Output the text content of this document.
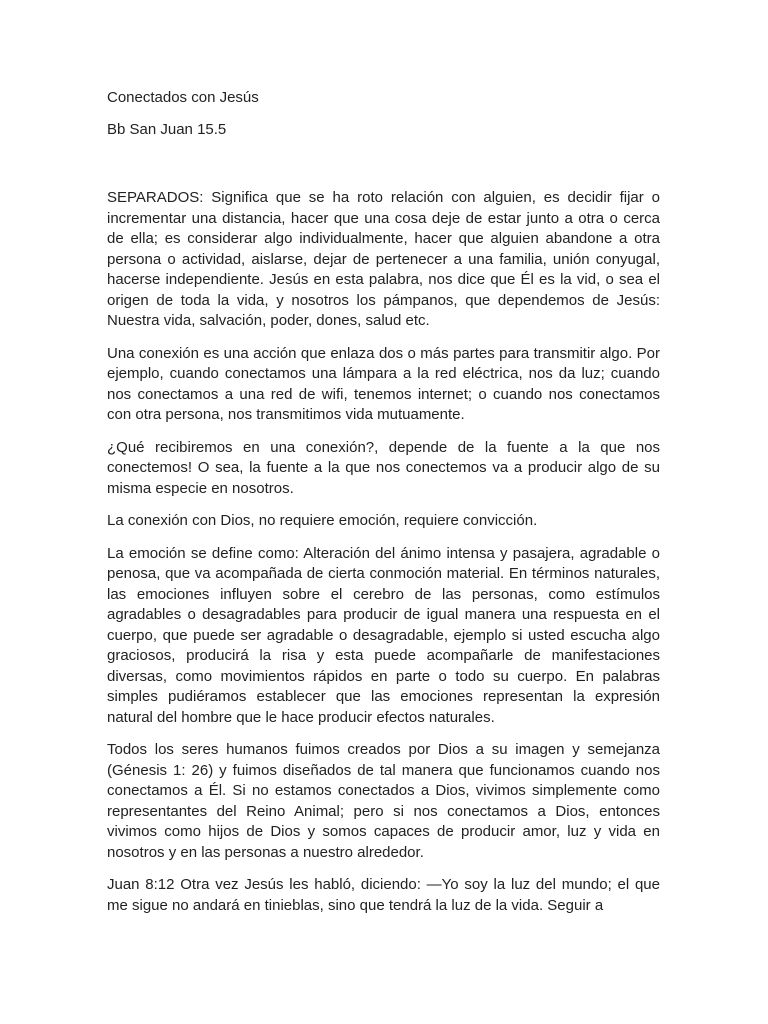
Conectados con Jesús
Bb San Juan 15.5

SEPARADOS: Significa que se ha roto relación con alguien, es decidir fijar o incrementar una distancia, hacer que una cosa deje de estar junto a otra o cerca de ella; es considerar algo individualmente, hacer que alguien abandone a otra persona o actividad, aislarse, dejar de pertenecer a una familia, unión conyugal, hacerse independiente. Jesús en esta palabra, nos dice que Él es la vid, o sea el origen de toda la vida, y nosotros los pámpanos, que dependemos de Jesús: Nuestra vida, salvación, poder, dones, salud etc.

Una conexión es una acción que enlaza dos o más partes para transmitir algo. Por ejemplo, cuando conectamos una lámpara a la red eléctrica, nos da luz; cuando nos conectamos a una red de wifi, tenemos internet; o cuando nos conectamos con otra persona, nos transmitimos vida mutuamente.

¿Qué recibiremos en una conexión?, depende de la fuente a la que nos conectemos! O sea, la fuente a la que nos conectemos va a producir algo de su misma especie en nosotros.

La conexión con Dios, no requiere emoción, requiere convicción.

La emoción se define como: Alteración del ánimo intensa y pasajera, agradable o penosa, que va acompañada de cierta conmoción material. En términos naturales, las emociones influyen sobre el cerebro de las personas, como estímulos agradables o desagradables para producir de igual manera una respuesta en el cuerpo, que puede ser agradable o desagradable, ejemplo si usted escucha algo graciosos, producirá la risa y esta puede acompañarle de manifestaciones diversas, como movimientos rápidos en parte o todo su cuerpo. En palabras simples pudiéramos establecer que las emociones representan la expresión natural del hombre que le hace producir efectos naturales.

Todos los seres humanos fuimos creados por Dios a su imagen y semejanza (Génesis 1: 26) y fuimos diseñados de tal manera que funcionamos cuando nos conectamos a Él. Si no estamos conectados a Dios, vivimos simplemente como representantes del Reino Animal; pero si nos conectamos a Dios, entonces vivimos como hijos de Dios y somos capaces de producir amor, luz y vida en nosotros y en las personas a nuestro alrededor.

Juan 8:12 Otra vez Jesús les habló, diciendo: —Yo soy la luz del mundo; el que me sigue no andará en tinieblas, sino que tendrá la luz de la vida. Seguir a
